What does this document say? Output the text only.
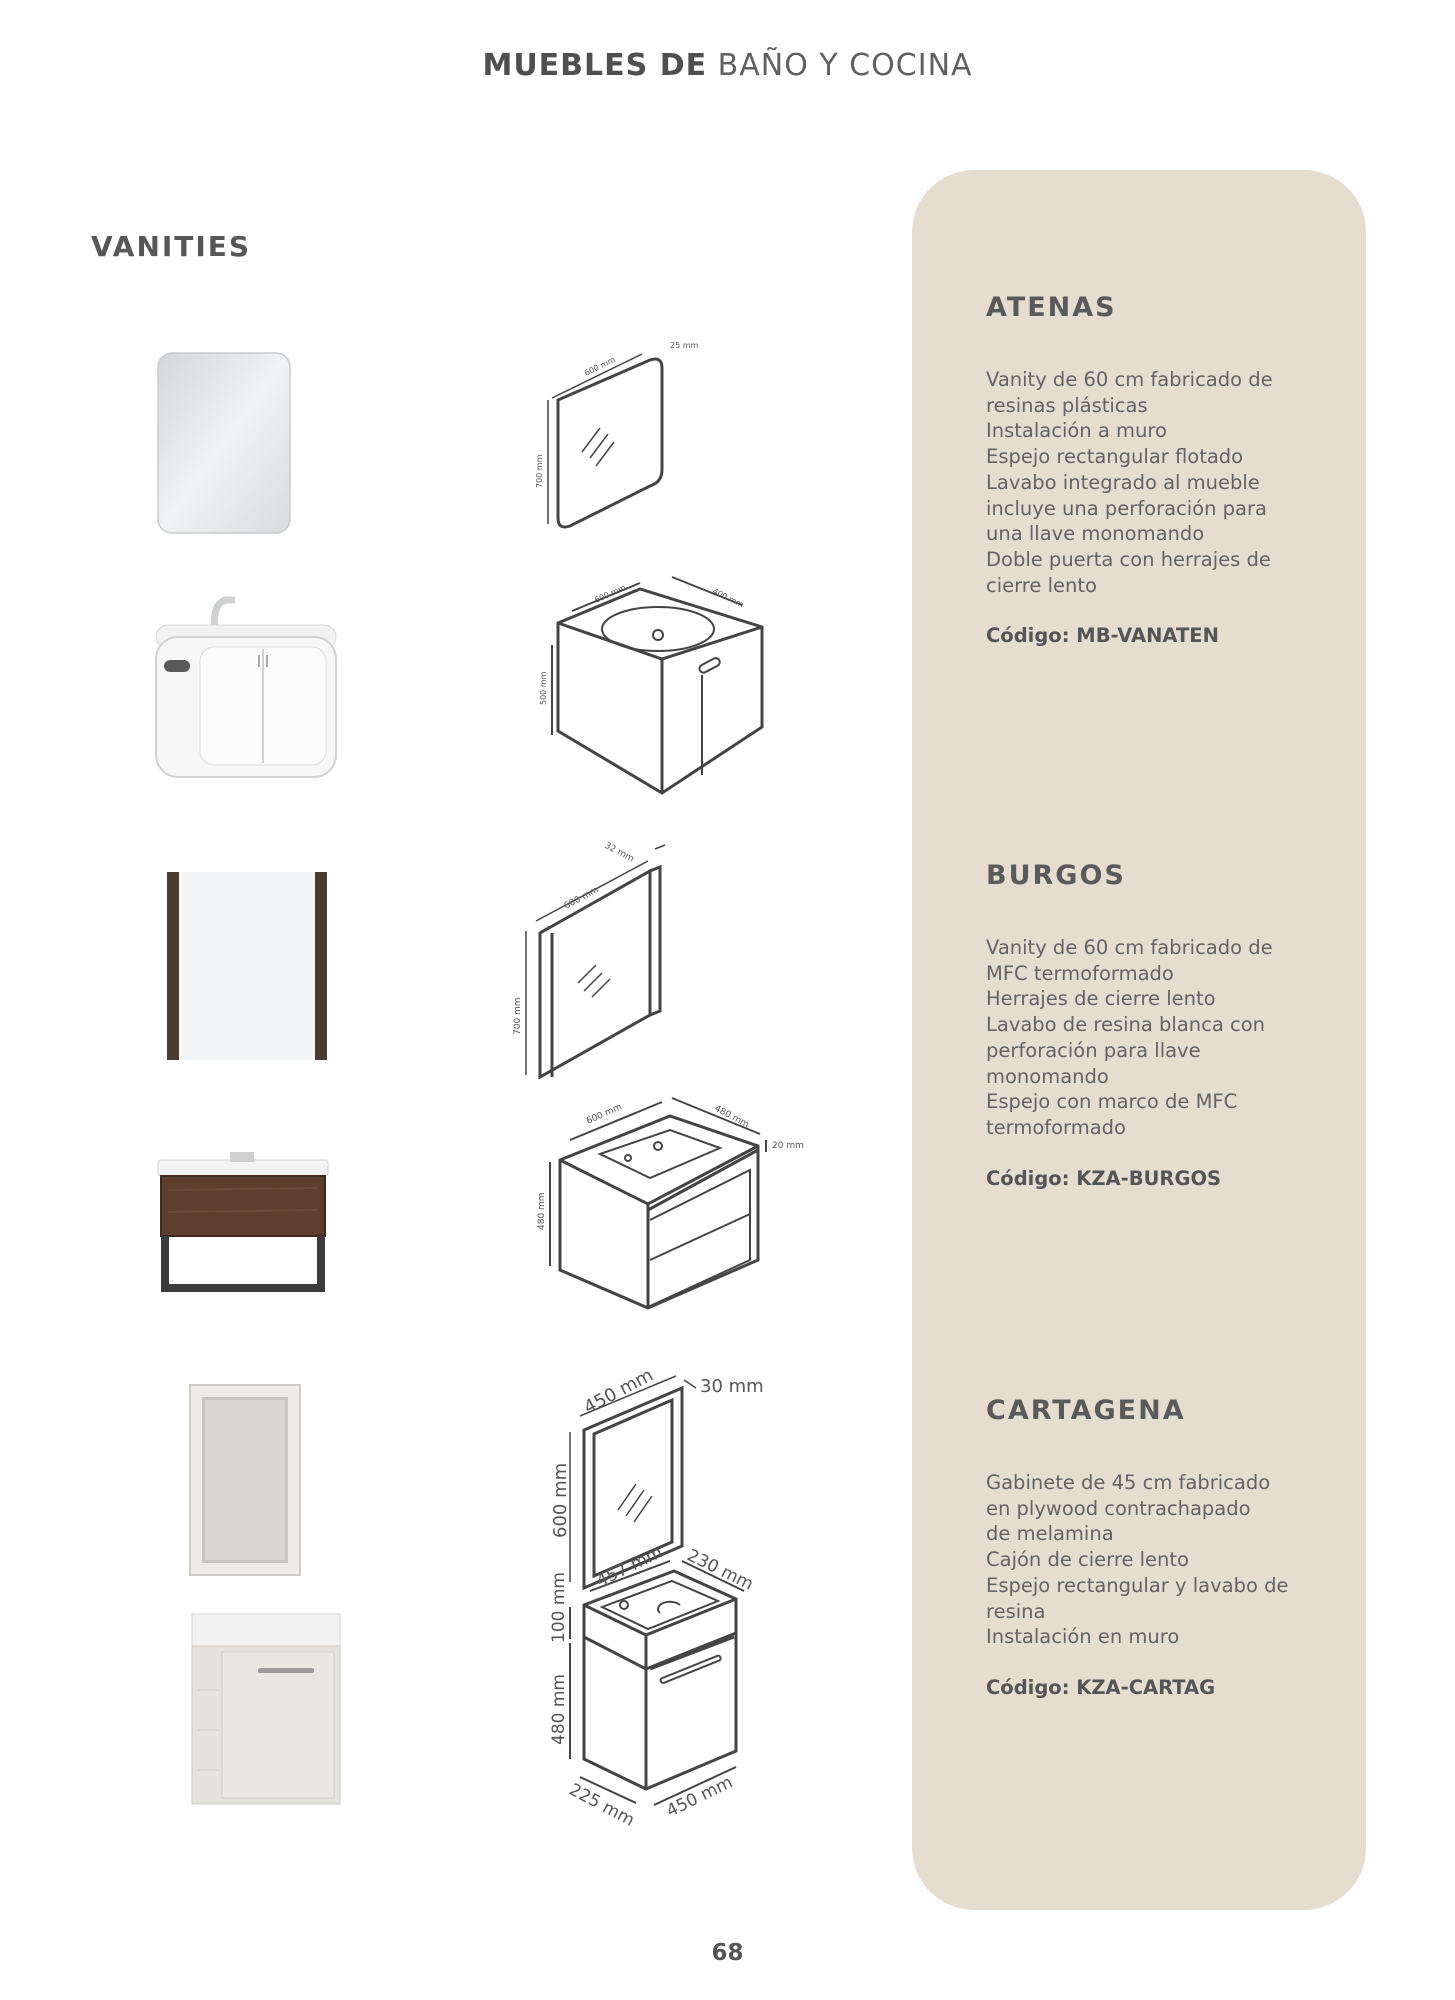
MUEBLES DE BAÑO Y COCINA
VANITIES
600 mm
25 mm
700 mm
600 mm	400 mm
500 mm
600 mm
32 mm
700 mm
600 mm	480 mm
20 mm
480 mm
450 mm 30 mm
600 mm
457 mm 230 mm
100 mm
480 mm
225 mm 450 mm
ATENAS
Vanity de 60 cm fabricado de
resinas plásticas
Instalación a muro
Espejo rectangular flotado
Lavabo integrado al mueble
incluye una perforación para
una llave monomando
Doble puerta con herrajes de
cierre lento
Código: MB-VANATEN
BURGOS
Vanity de 60 cm fabricado de
MFC termoformado
Herrajes de cierre lento
Lavabo de resina blanca con
perforación para llave
monomando
Espejo con marco de MFC
termoformado
Código: KZA-BURGOS
CARTAGENA
Gabinete de 45 cm fabricado
en plywood contrachapado
de melamina
Cajón de cierre lento
Espejo rectangular y lavabo de
resina
Instalación en muro
Código: KZA-CARTAG
68
